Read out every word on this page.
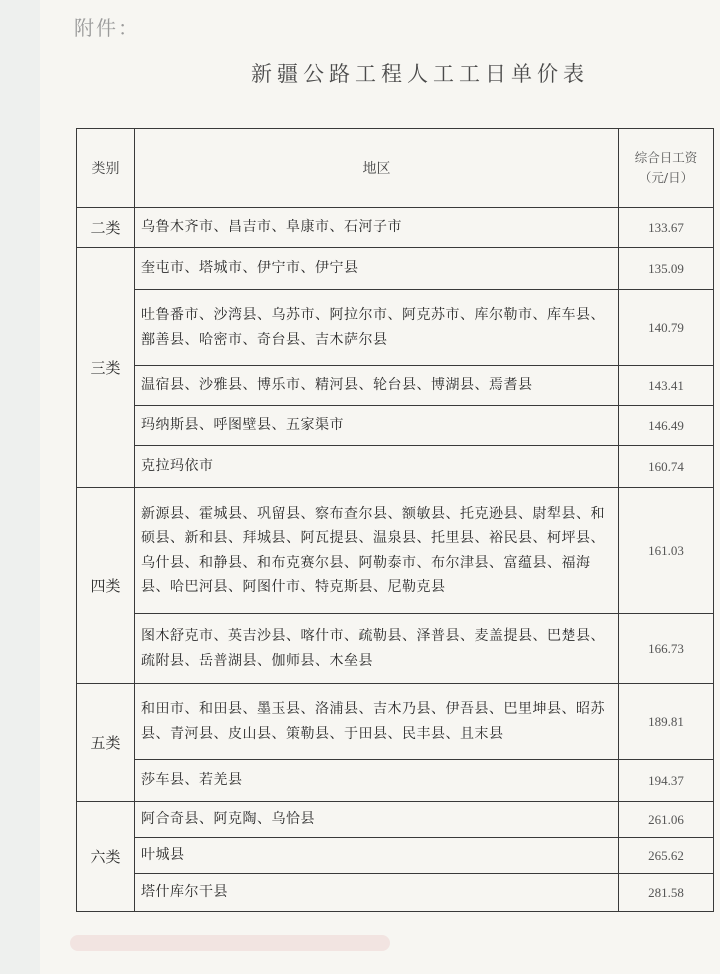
附件：
新疆公路工程人工工日单价表
类别	地区	综合日工资
（元/日）
二类	乌鲁木齐市、昌吉市、阜康市、石河子市	133.67
三类	奎屯市、塔城市、伊宁市、伊宁县	135.09
	吐鲁番市、沙湾县、乌苏市、阿拉尔市、阿克苏市、库尔勒市、库车县、鄯善县、哈密市、奇台县、吉木萨尔县	140.79
	温宿县、沙雅县、博乐市、精河县、轮台县、博湖县、焉耆县	143.41
	玛纳斯县、呼图壁县、五家渠市	146.49
	克拉玛依市	160.74
四类	新源县、霍城县、巩留县、察布查尔县、额敏县、托克逊县、尉犁县、和硕县、新和县、拜城县、阿瓦提县、温泉县、托里县、裕民县、柯坪县、乌什县、和静县、和布克赛尔县、阿勒泰市、布尔津县、富蕴县、福海县、哈巴河县、阿图什市、特克斯县、尼勒克县	161.03
	图木舒克市、英吉沙县、喀什市、疏勒县、泽普县、麦盖提县、巴楚县、疏附县、岳普湖县、伽师县、木垒县	166.73
五类	和田市、和田县、墨玉县、洛浦县、吉木乃县、伊吾县、巴里坤县、昭苏县、青河县、皮山县、策勒县、于田县、民丰县、且末县	189.81
	莎车县、若羌县	194.37
六类	阿合奇县、阿克陶、乌恰县	261.06
	叶城县	265.62
	塔什库尔干县	281.58
